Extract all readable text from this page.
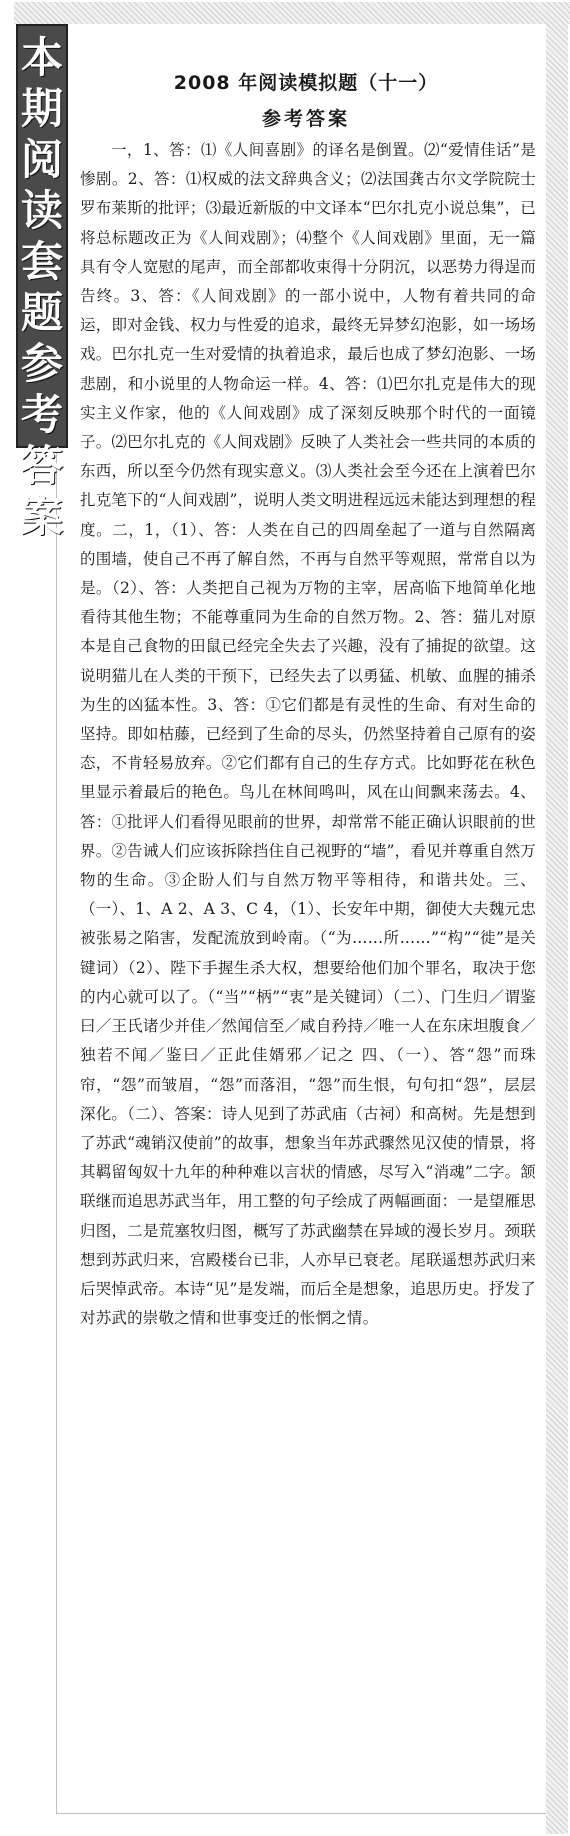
本
期
阅
读
套
题
参
考
答
案
2008 年阅读模拟题（十一）
参考答案

一，1、答：⑴《人间喜剧》的译名是倒置。⑵“爱情佳话”是惨剧。2、答：⑴权威的法文辞典含义；⑵法国龚古尔文学院院士罗布莱斯的批评；⑶最近新版的中文译本“巴尔扎克小说总集”，已将总标题改正为《人间戏剧》；⑷整个《人间戏剧》里面，无一篇具有令人宽慰的尾声，而全部都收束得十分阴沉，以恶势力得逞而告终。3、答：《人间戏剧》的一部小说中，人物有着共同的命运，即对金钱、权力与性爱的追求，最终无异梦幻泡影，如一场场戏。巴尔扎克一生对爱情的执着追求，最后也成了梦幻泡影、一场悲剧，和小说里的人物命运一样。4、答：⑴巴尔扎克是伟大的现实主义作家，他的《人间戏剧》成了深刻反映那个时代的一面镜子。⑵巴尔扎克的《人间戏剧》反映了人类社会一些共同的本质的东西，所以至今仍然有现实意义。⑶人类社会至今还在上演着巴尔扎克笔下的“人间戏剧”，说明人类文明进程远远未能达到理想的程度。二，1，（1）、答：人类在自己的四周垒起了一道与自然隔离的围墙，使自己不再了解自然，不再与自然平等观照，常常自以为是。（2）、答：人类把自己视为万物的主宰，居高临下地简单化地看待其他生物；不能尊重同为生命的自然万物。2、答：猫儿对原本是自己食物的田鼠已经完全失去了兴趣，没有了捕捉的欲望。这说明猫儿在人类的干预下，已经失去了以勇猛、机敏、血腥的捕杀为生的凶猛本性。3、答：①它们都是有灵性的生命、有对生命的坚持。即如枯藤，已经到了生命的尽头，仍然坚持着自己原有的姿态，不肯轻易放弃。②它们都有自己的生存方式。比如野花在秋色里显示着最后的艳色。鸟儿在林间鸣叫，风在山间飘来荡去。4、答：①批评人们看得见眼前的世界，却常常不能正确认识眼前的世界。②告诫人们应该拆除挡住自己视野的“墙”，看见并尊重自然万物的生命。③企盼人们与自然万物平等相待，和谐共处。三、（一）、1、A 2、A 3、C 4，（1）、长安年中期，御使大夫魏元忠被张易之陷害，发配流放到岭南。（“为……所……”“构”“徙”是关键词）（2）、陛下手握生杀大权，想要给他们加个罪名，取决于您的内心就可以了。（“当”“柄”“衷”是关键词）（二）、门生归／谓鉴曰／王氏诸少并佳／然闻信至／咸自矜持／唯一人在东床坦腹食／独若不闻／鉴曰／正此佳婿邪／记之 四、（一）、答“怨”而珠帘，“怨”而皱眉，“怨”而落泪，“怨”而生恨，句句扣“怨”，层层深化。（二）、答案：诗人见到了苏武庙（古祠）和高树。先是想到了苏武“魂销汉使前”的故事，想象当年苏武骤然见汉使的情景，将其羁留匈奴十九年的种种难以言状的情感，尽写入“消魂”二字。颔联继而追思苏武当年，用工整的句子绘成了两幅画面：一是望雁思归图，二是荒塞牧归图，概写了苏武幽禁在异域的漫长岁月。颈联想到苏武归来，宫殿楼台已非，人亦早已衰老。尾联遥想苏武归来后哭悼武帝。本诗“见”是发端，而后全是想象，追思历史。抒发了对苏武的崇敬之情和世事变迁的怅惘之情。
